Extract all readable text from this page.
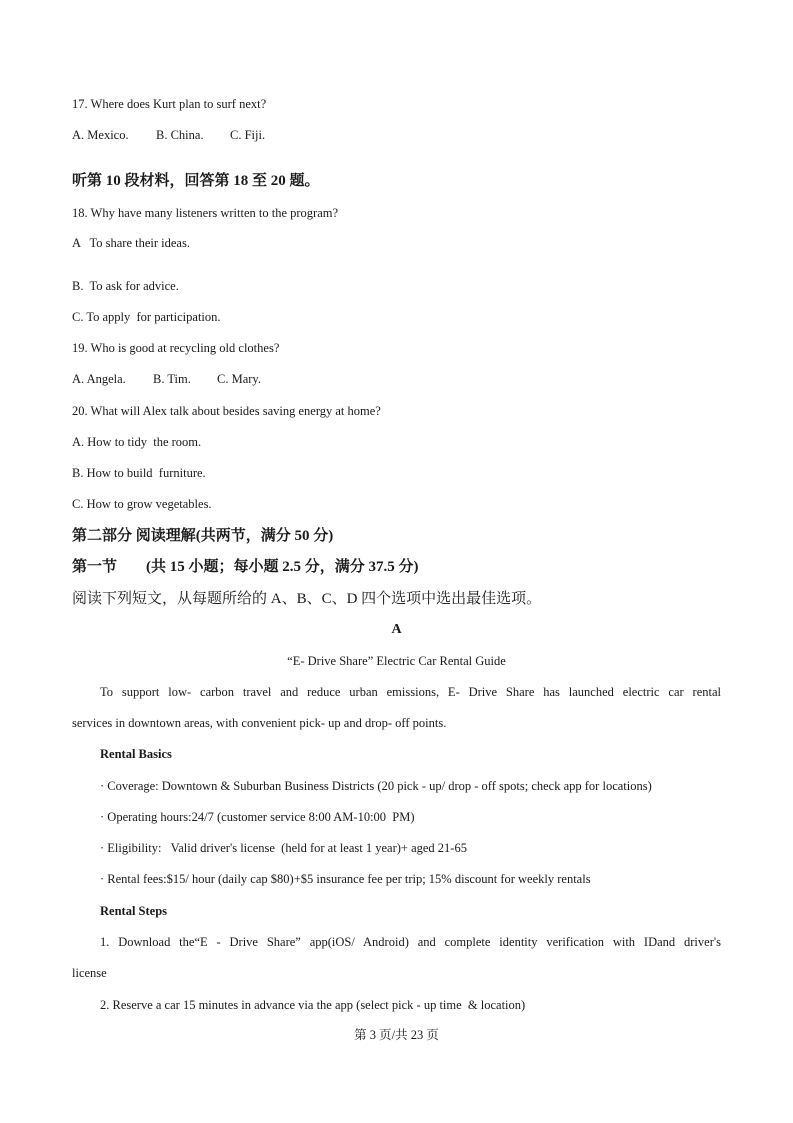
17. Where does Kurt plan to surf next?
A. Mexico. B. China. C. Fiji.
听第 10 段材料，回答第 18 至 20 题。
18. Why have many listeners written to the program?
A   To share their ideas.
B.  To ask for advice.
C. To apply  for participation.
19. Who is good at recycling old clothes?
A. Angela. B. Tim. C. Mary.
20. What will Alex talk about besides saving energy at home?
A. How to tidy  the room.
B. How to build  furniture.
C. How to grow vegetables.
第二部分 阅读理解(共两节，满分 50 分)
第一节 (共 15 小题；每小题 2.5 分，满分 37.5 分)
阅读下列短文，从每题所给的 A、B、C、D 四个选项中选出最佳选项。
A
“E- Drive Share” Electric Car Rental Guide
To support low- carbon travel and reduce urban emissions, E- Drive Share has launched electric car rental
services in downtown areas, with convenient pick- up and drop- off points.
Rental Basics
· Coverage: Downtown & Suburban Business Districts (20 pick - up/ drop - off spots; check app for locations)
· Operating hours:24/7 (customer service 8:00 AM-10:00  PM)
· Eligibility:   Valid driver's license  (held for at least 1 year)+ aged 21-65
· Rental fees:$15/ hour (daily cap $80)+$5 insurance fee per trip; 15% discount for weekly rentals
Rental Steps
1. Download the“E - Drive Share” app(iOS/ Android) and complete identity verification with IDand driver's
license
2. Reserve a car 15 minutes in advance via the app (select pick - up time  & location)
第 3 页/共 23 页
